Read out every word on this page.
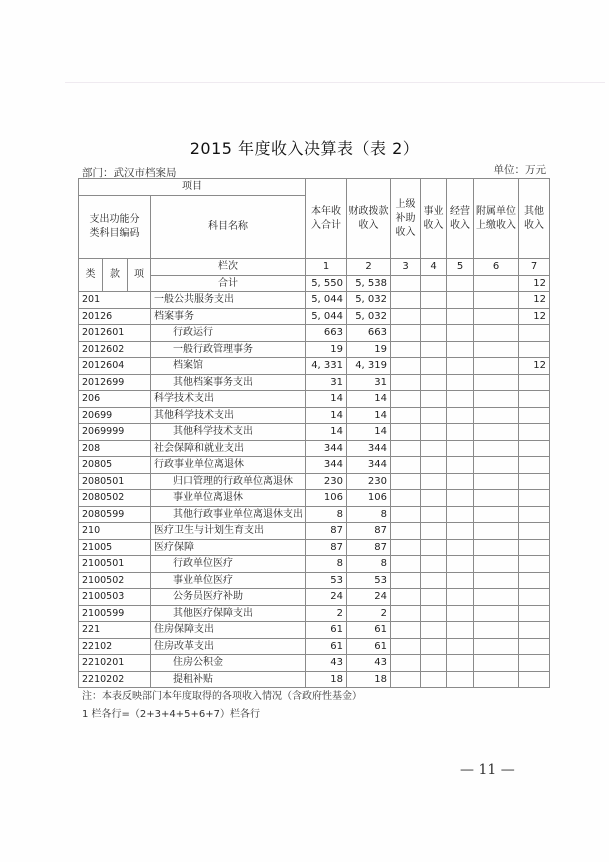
2015 年度收入决算表（表 2）
部门：武汉市档案局	单位：万元
项目				本年收入合计	财政拨款收入	上级补助收入	事业收入	经营收入	附属单位上缴收入	其他收入
支出功能分类科目编码			科目名称							
类	款	项	栏次	1	2	3	4	5	6	7
			合计	5, 550	5, 538					12
201			一般公共服务支出	5, 044	5, 032					12
20126			档案事务	5, 044	5, 032					12
2012601			行政运行	663	663					
2012602			一般行政管理事务	19	19					
2012604			档案馆	4, 331	4, 319					12
2012699			其他档案事务支出	31	31					
206			科学技术支出	14	14					
20699			其他科学技术支出	14	14					
2069999			其他科学技术支出	14	14					
208			社会保障和就业支出	344	344					
20805			行政事业单位离退休	344	344					
2080501			归口管理的行政单位离退休	230	230					
2080502			事业单位离退休	106	106					
2080599			其他行政事业单位离退休支出	8	8					
210			医疗卫生与计划生育支出	87	87					
21005			医疗保障	87	87					
2100501			行政单位医疗	8	8					
2100502			事业单位医疗	53	53					
2100503			公务员医疗补助	24	24					
2100599			其他医疗保障支出	2	2					
221			住房保障支出	61	61					
22102			住房改革支出	61	61					
2210201			住房公积金	43	43					
2210202			提租补贴	18	18					
注：本表反映部门本年度取得的各项收入情况（含政府性基金）
1 栏各行=（2+3+4+5+6+7）栏各行
— 11 —
